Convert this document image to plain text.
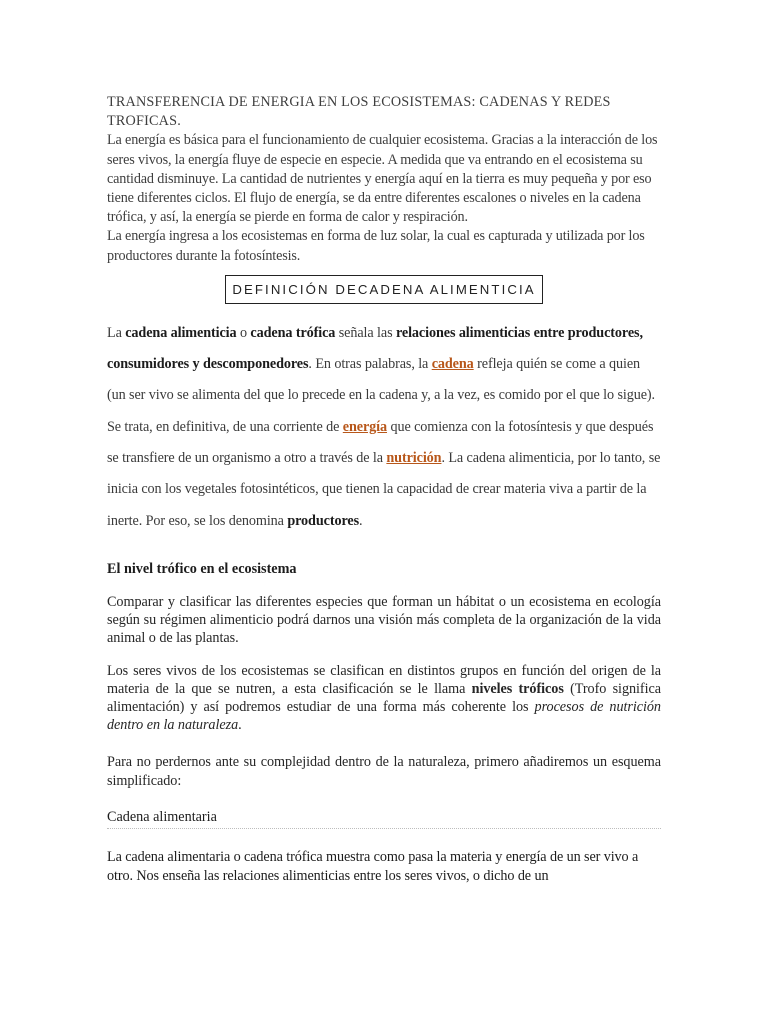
TRANSFERENCIA DE ENERGIA EN LOS ECOSISTEMAS: CADENAS Y REDES TROFICAS.
La energía es básica para el funcionamiento de cualquier ecosistema. Gracias a la interacción de los seres vivos, la energía fluye de especie en especie. A medida que va entrando en el ecosistema su cantidad disminuye. La cantidad de nutrientes y energía aquí en la tierra es muy pequeña y por eso tiene diferentes ciclos. El flujo de energía, se da entre diferentes escalones o niveles en la cadena trófica, y así, la energía se pierde en forma de calor y respiración.
La energía ingresa a los ecosistemas en forma de luz solar, la cual es capturada y utilizada por los productores durante la fotosíntesis.

DEFINICIÓN DECADENA ALIMENTICIA

La cadena alimenticia o cadena trófica señala las relaciones alimenticias entre productores, consumidores y descomponedores. En otras palabras, la cadena refleja quién se come a quien (un ser vivo se alimenta del que lo precede en la cadena y, a la vez, es comido por el que lo sigue).

Se trata, en definitiva, de una corriente de energía que comienza con la fotosíntesis y que después se transfiere de un organismo a otro a través de la nutrición. La cadena alimenticia, por lo tanto, se inicia con los vegetales fotosintéticos, que tienen la capacidad de crear materia viva a partir de la inerte. Por eso, se los denomina productores.

El nivel trófico en el ecosistema

Comparar y clasificar las diferentes especies que forman un hábitat o un ecosistema en ecología según su régimen alimenticio podrá darnos una visión más completa de la organización de la vida animal o de las plantas.

Los seres vivos de los ecosistemas se clasifican en distintos grupos en función del origen de la materia de la que se nutren, a esta clasificación se le llama niveles tróficos (Trofo significa alimentación) y así podremos estudiar de una forma más coherente los procesos de nutrición dentro en la naturaleza.

Para no perdernos ante su complejidad dentro de la naturaleza, primero añadiremos un esquema simplificado:

Cadena alimentaria

La cadena alimentaria o cadena trófica muestra como pasa la materia y energía de un ser vivo a otro. Nos enseña las relaciones alimenticias entre los seres vivos, o dicho de un
